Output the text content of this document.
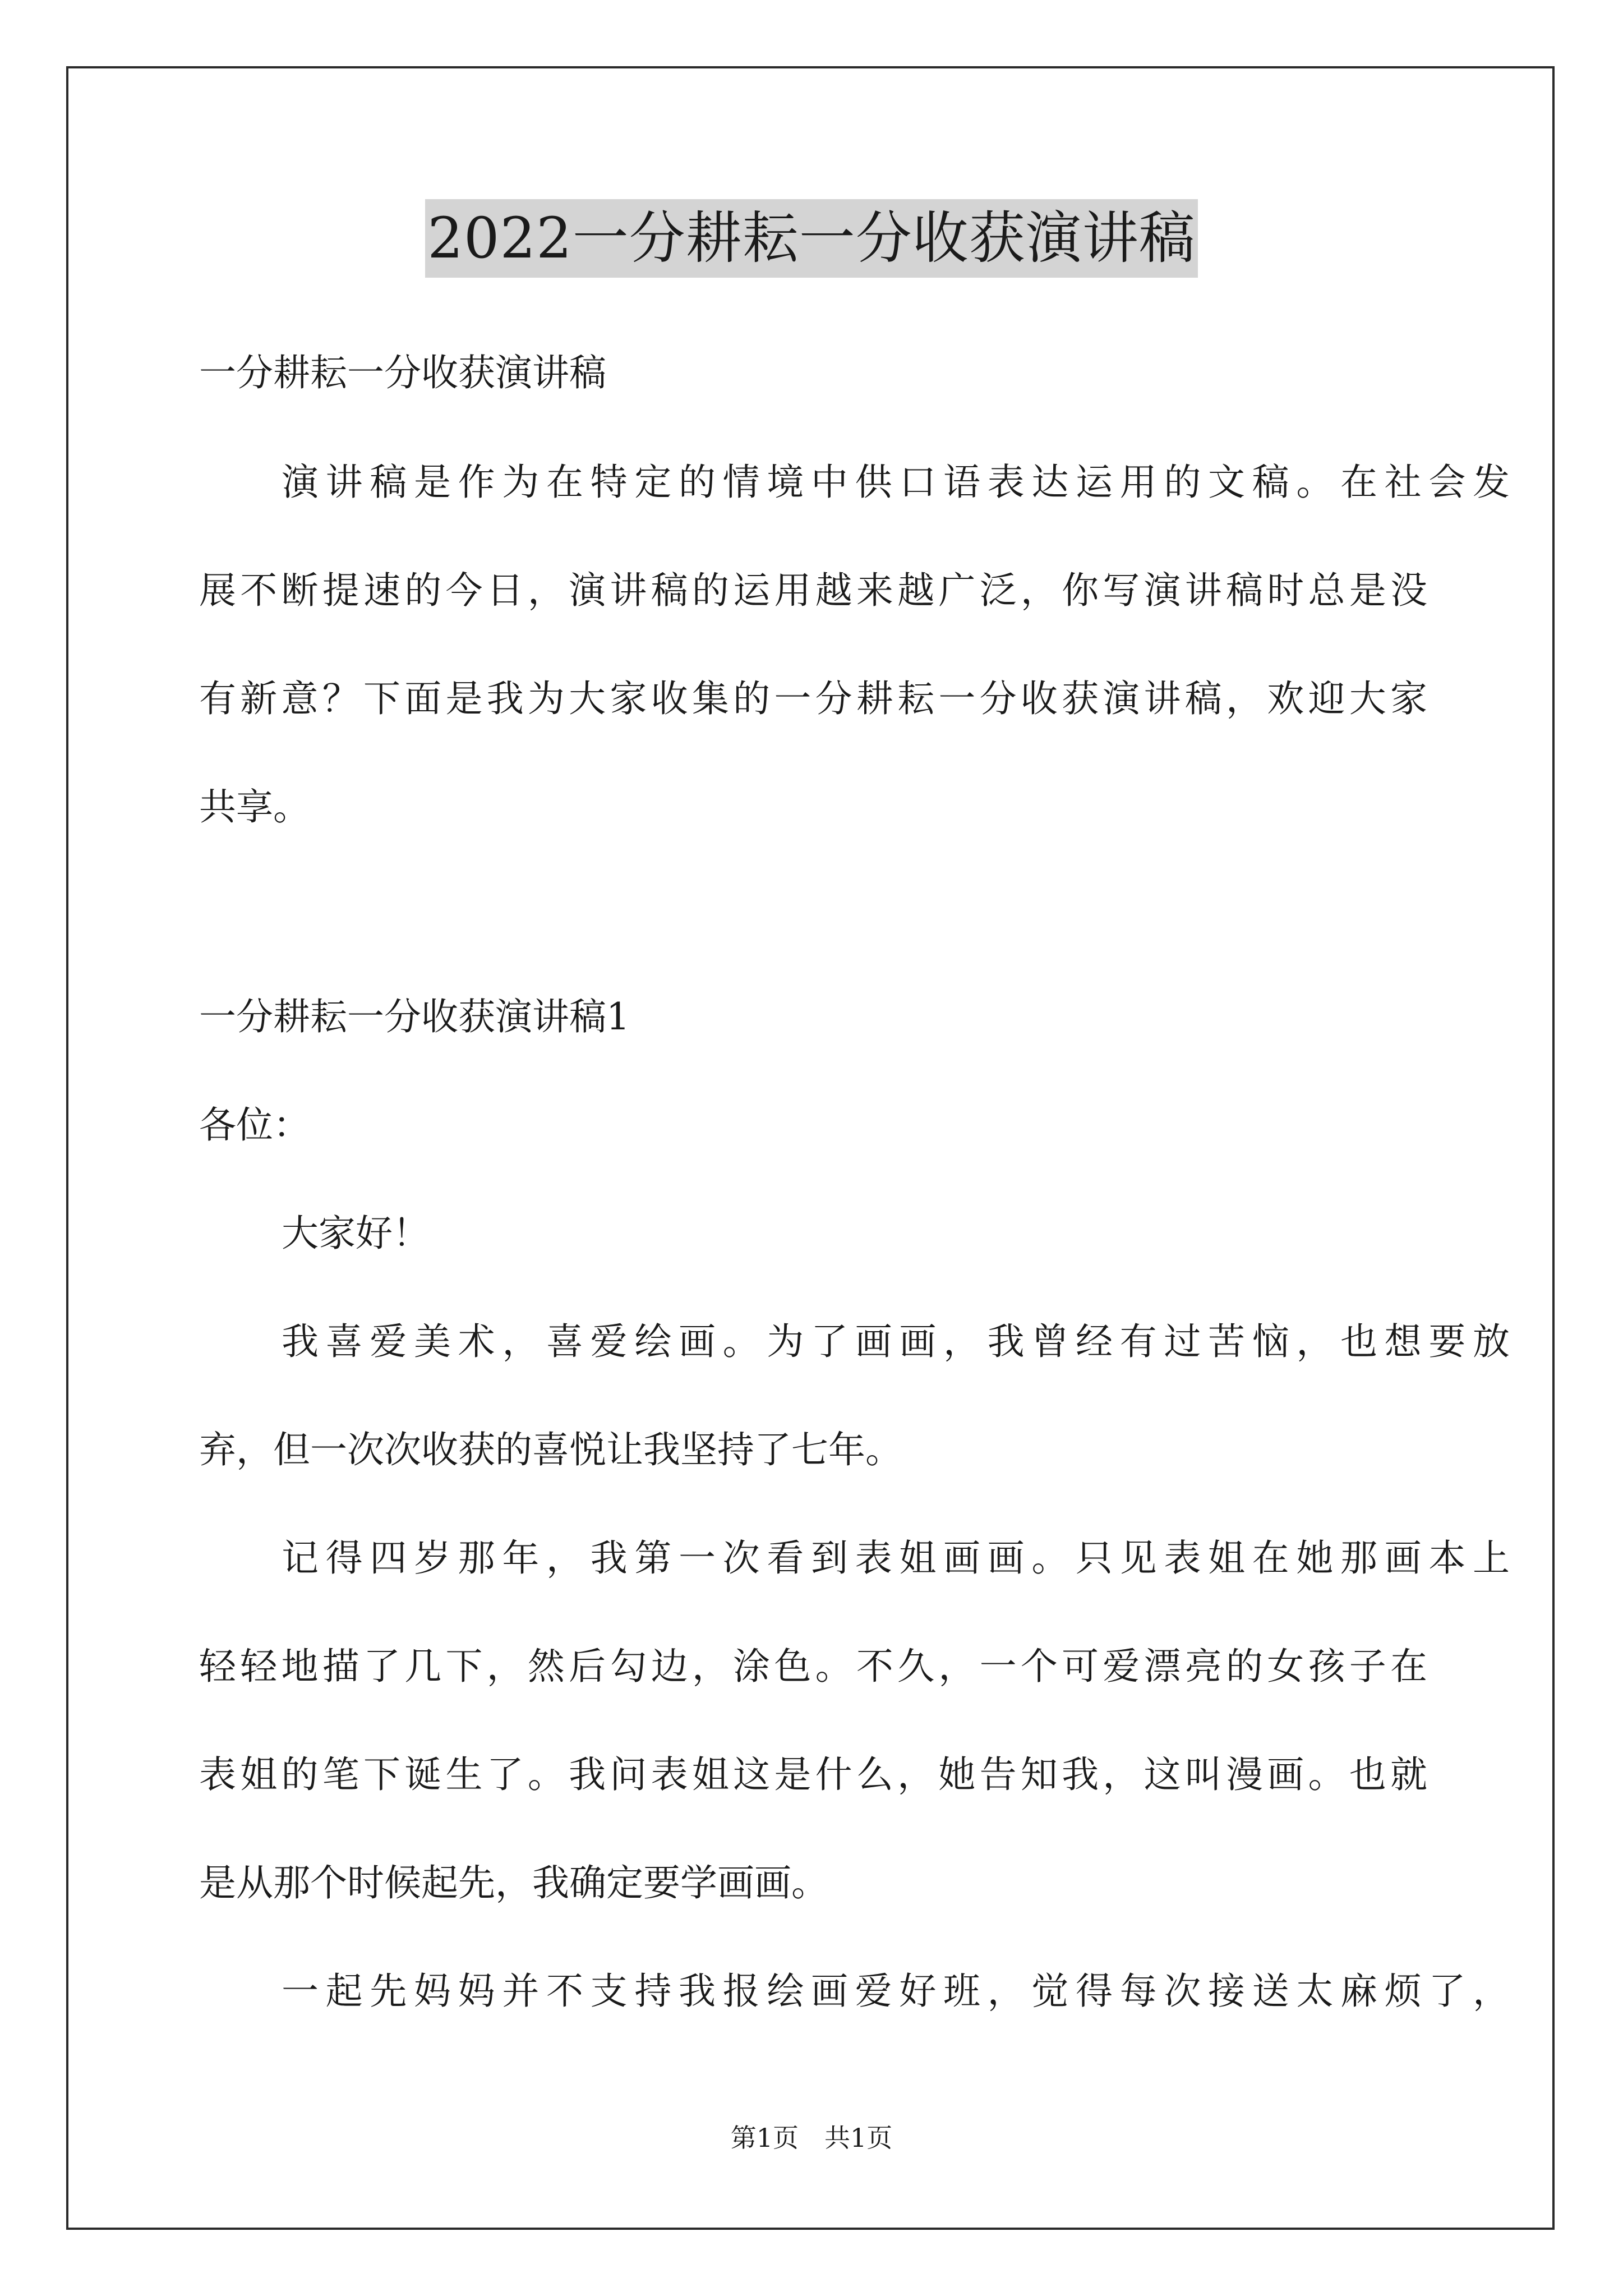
2022一分耕耘一分收获演讲稿
一分耕耘一分收获演讲稿
演讲稿是作为在特定的情境中供口语表达运用的文稿。在社会发
展不断提速的今日，演讲稿的运用越来越广泛，你写演讲稿时总是没
有新意？下面是我为大家收集的一分耕耘一分收获演讲稿，欢迎大家
共享。
一分耕耘一分收获演讲稿1
各位：
大家好！
我喜爱美术，喜爱绘画。为了画画，我曾经有过苦恼，也想要放
弃，但一次次收获的喜悦让我坚持了七年。
记得四岁那年，我第一次看到表姐画画。只见表姐在她那画本上
轻轻地描了几下，然后勾边，涂色。不久，一个可爱漂亮的女孩子在
表姐的笔下诞生了。我问表姐这是什么，她告知我，这叫漫画。也就
是从那个时候起先，我确定要学画画。
一起先妈妈并不支持我报绘画爱好班，觉得每次接送太麻烦了，
第1页　共1页
